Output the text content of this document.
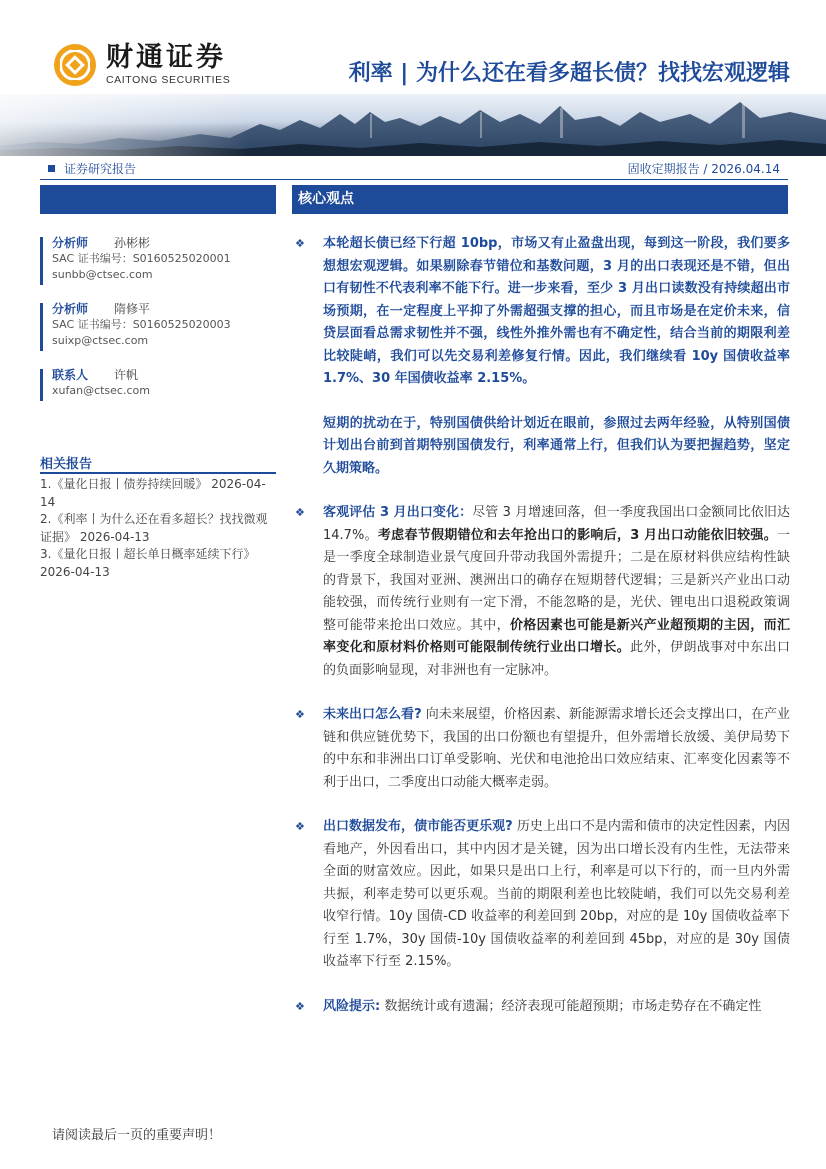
财通证券
CAITONG SECURITIES	利率 | 为什么还在看多超长债？找找宏观逻辑
证券研究报告	固收定期报告 / 2026.04.14
分析师	孙彬彬
SAC 证书编号：S0160525020001
sunbb@ctsec.com
分析师	隋修平
SAC 证书编号：S0160525020003
suixp@ctsec.com
联系人	许帆
xufan@ctsec.com
相关报告
1.《量化日报丨债券持续回暖》 2026-04-14
2.《利率丨为什么还在看多超长？找找微观证据》 2026-04-13
3.《量化日报丨超长单日概率延续下行》 2026-04-13
核心观点
❖ 本轮超长债已经下行超 10bp，市场又有止盈盘出现，每到这一阶段，我们要多想想宏观逻辑。如果剔除春节错位和基数问题，3 月的出口表现还是不错，但出口有韧性不代表利率不能下行。进一步来看，至少 3 月出口读数没有持续超出市场预期，在一定程度上平抑了外需超强支撑的担心，而且市场是在定价未来，信贷层面看总需求韧性并不强，线性外推外需也有不确定性，结合当前的期限利差比较陡峭，我们可以先交易利差修复行情。因此，我们继续看 10y 国债收益率 1.7%、30 年国债收益率 2.15%。
短期的扰动在于，特别国债供给计划近在眼前，参照过去两年经验，从特别国债计划出台前到首期特别国债发行，利率通常上行，但我们认为要把握趋势，坚定久期策略。
❖ 客观评估 3 月出口变化：尽管 3 月增速回落，但一季度我国出口金额同比依旧达 14.7%。考虑春节假期错位和去年抢出口的影响后，3 月出口动能依旧较强。一是一季度全球制造业景气度回升带动我国外需提升；二是在原材料供应结构性缺的背景下，我国对亚洲、澳洲出口的确存在短期替代逻辑；三是新兴产业出口动能较强，而传统行业则有一定下滑，不能忽略的是，光伏、锂电出口退税政策调整可能带来抢出口效应。其中，价格因素也可能是新兴产业超预期的主因，而汇率变化和原材料价格则可能限制传统行业出口增长。此外，伊朗战事对中东出口的负面影响显现，对非洲也有一定脉冲。
❖ 未来出口怎么看? 向未来展望，价格因素、新能源需求增长还会支撑出口，在产业链和供应链优势下，我国的出口份额也有望提升，但外需增长放缓、美伊局势下的中东和非洲出口订单受影响、光伏和电池抢出口效应结束、汇率变化因素等不利于出口，二季度出口动能大概率走弱。
❖ 出口数据发布，债市能否更乐观? 历史上出口不是内需和债市的决定性因素，内因看地产，外因看出口，其中内因才是关键，因为出口增长没有内生性，无法带来全面的财富效应。因此，如果只是出口上行，利率是可以下行的，而一旦内外需共振，利率走势可以更乐观。当前的期限利差也比较陡峭，我们可以先交易利差收窄行情。10y 国债-CD 收益率的利差回到 20bp，对应的是 10y 国债收益率下行至 1.7%，30y 国债-10y 国债收益率的利差回到 45bp，对应的是 30y 国债收益率下行至 2.15%。
❖ 风险提示: 数据统计或有遗漏；经济表现可能超预期；市场走势存在不确定性
请阅读最后一页的重要声明！
